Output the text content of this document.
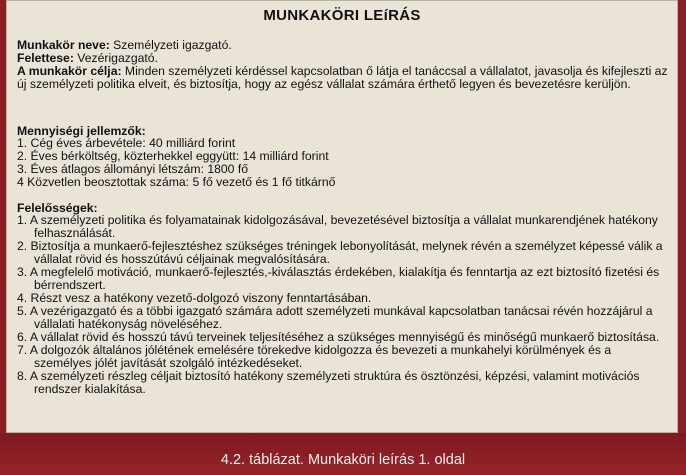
MUNKAKÖRI LEíRÁS

Munkakör neve: Személyzeti igazgató.

Felettese: Vezérigazgató.

A munkakör célja: Minden személyzeti kérdéssel kapcsolatban ő látja el tanáccsal a vállalatot, javasolja és kifejleszti az új személyzeti politika elveit, és biztosítja, hogy az egész vállalat számára érthető legyen és bevezetésre kerüljön.

Mennyiségi jellemzők:
1. Cég éves árbevétele: 40 milliárd forint
2. Éves bérköltség, közterhekkel eggyütt: 14 milliárd forint
3. Éves átlagos állományi létszám: 1800 fő
4 Közvetlen beosztottak száma: 5 fő vezető és 1 fő titkárnő
Felelősségek:
1. A személyzeti politika és folyamatainak kidolgozásával, bevezetésével biztosítja a vállalat munkarendjének hatékony felhasználását.
2. Biztosítja a munkaerő-fejlesztéshez szükséges tréningek lebonyolítását, melynek révén a személyzet képessé válik a vállalat rövid és hosszútávú céljainak megvalósítására.
3. A megfelelő motiváció, munkaerő-fejlesztés,-kiválasztás érdekében, kialakítja és fenntartja az ezt biztosító fizetési és bérrendszert.
4. Részt vesz a hatékony vezető-dolgozó viszony fenntartásában.
5. A vezérigazgató és a többi igazgató számára adott személyzeti munkával kapcsolatban tanácsai révén hozzájárul a vállalati hatékonyság növeléséhez.
6. A vállalat rövid és hosszú távú terveinek teljesítéséhez a szükséges mennyiségű és minőségű munkaerő biztosítása.
7. A dolgozók általános jólétének emelésére törekedve kidolgozza és bevezeti a munkahelyi körülmények és a személyes jólét javítását szolgáló intézkedéseket.
8. A személyzeti részleg céljait biztosító hatékony személyzeti struktúra és ösztönzési, képzési, valamint motivációs rendszer kialakítása.
4.2. táblázat. Munkaköri leírás 1. oldal
